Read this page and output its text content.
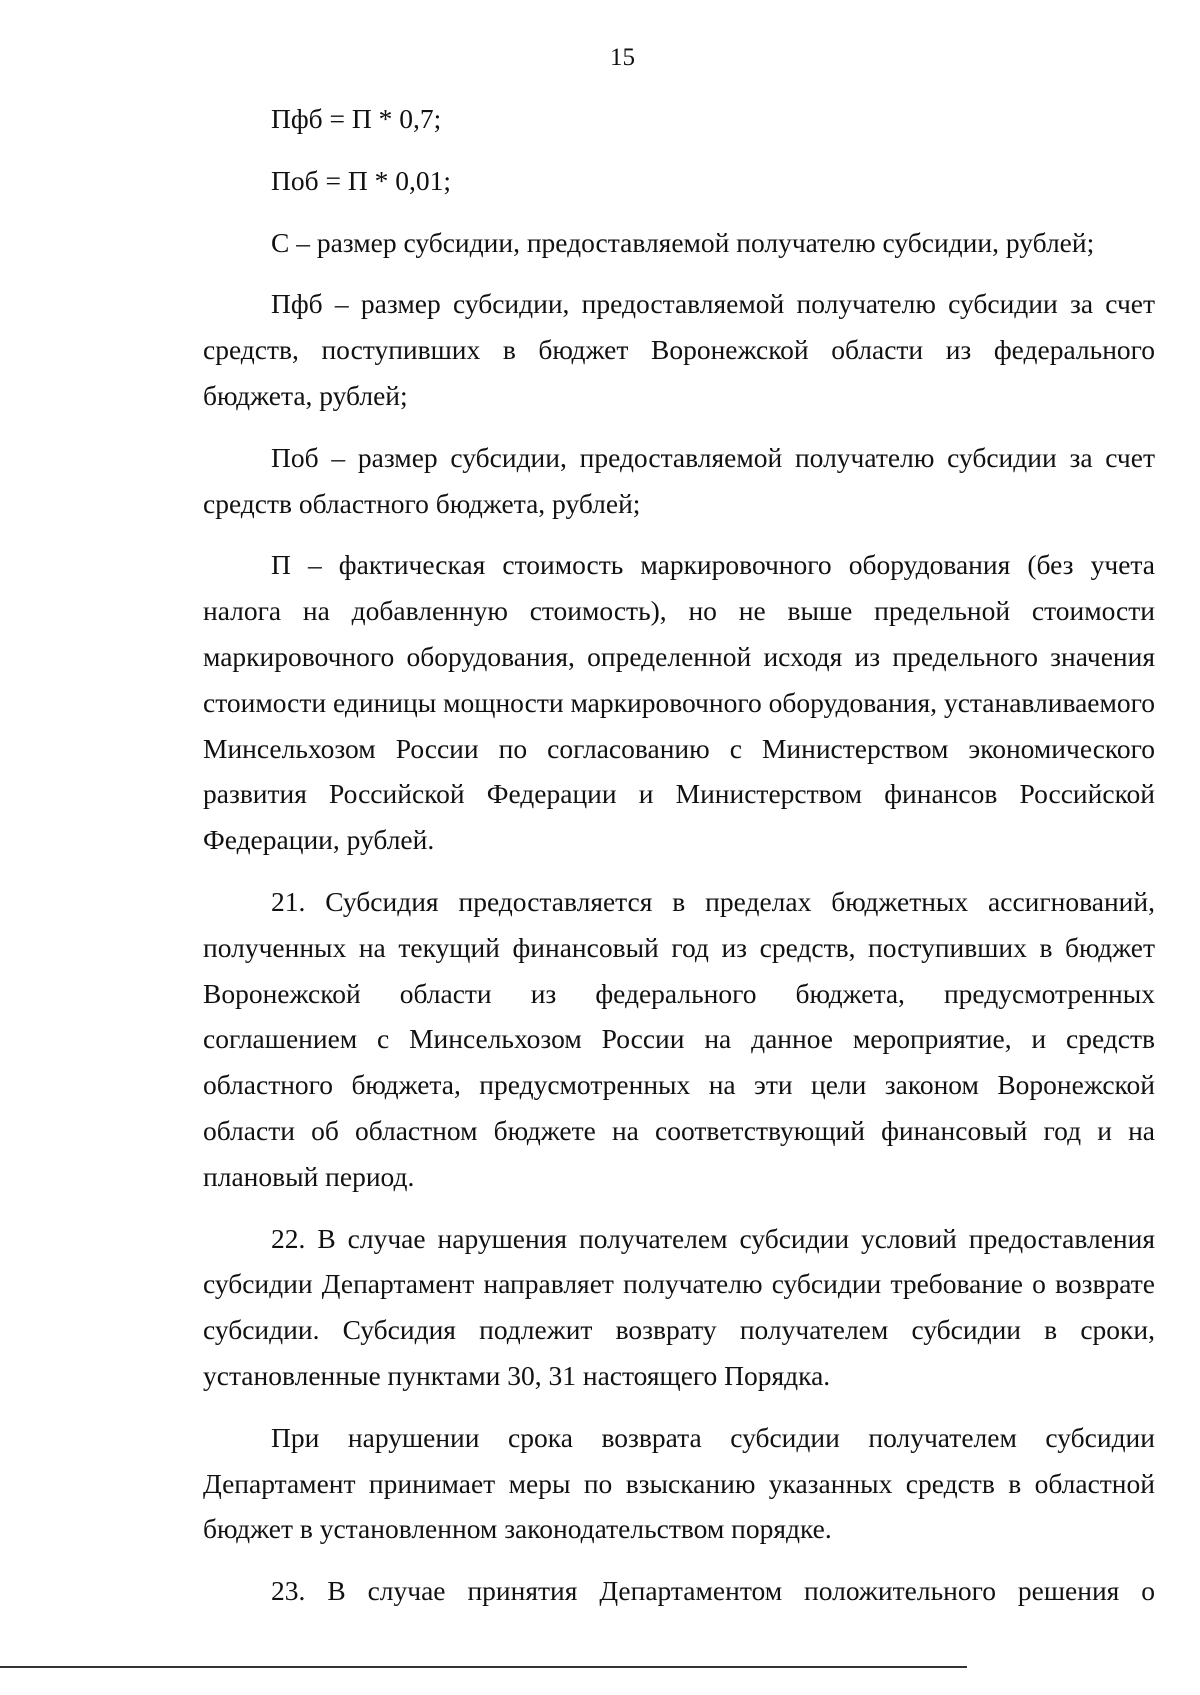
15

Пфб = П * 0,7;

Поб = П * 0,01;

С – размер субсидии, предоставляемой получателю субсидии, рублей;

Пфб – размер субсидии, предоставляемой получателю субсидии за счет средств, поступивших в бюджет Воронежской области из федерального бюджета, рублей;

Поб – размер субсидии, предоставляемой получателю субсидии за счет средств областного бюджета, рублей;

П – фактическая стоимость маркировочного оборудования (без учета налога на добавленную стоимость), но не выше предельной стоимости маркировочного оборудования, определенной исходя из предельного значения стоимости единицы мощности маркировочного оборудования, устанавливаемого Минсельхозом России по согласованию с Министерством экономического развития Российской Федерации и Министерством финансов Российской Федерации, рублей.

21. Субсидия предоставляется в пределах бюджетных ассигнований, полученных на текущий финансовый год из средств, поступивших в бюджет Воронежской области из федерального бюджета, предусмотренных соглашением с Минсельхозом России на данное мероприятие, и средств областного бюджета, предусмотренных на эти цели законом Воронежской области об областном бюджете на соответствующий финансовый год и на плановый период.

22. В случае нарушения получателем субсидии условий предоставления субсидии Департамент направляет получателю субсидии требование о возврате субсидии. Субсидия подлежит возврату получателем субсидии в сроки, установленные пунктами 30, 31 настоящего Порядка.

При нарушении срока возврата субсидии получателем субсидии Департамент принимает меры по взысканию указанных средств в областной бюджет в установленном законодательством порядке.

23. В случае принятия Департаментом положительного решения о
